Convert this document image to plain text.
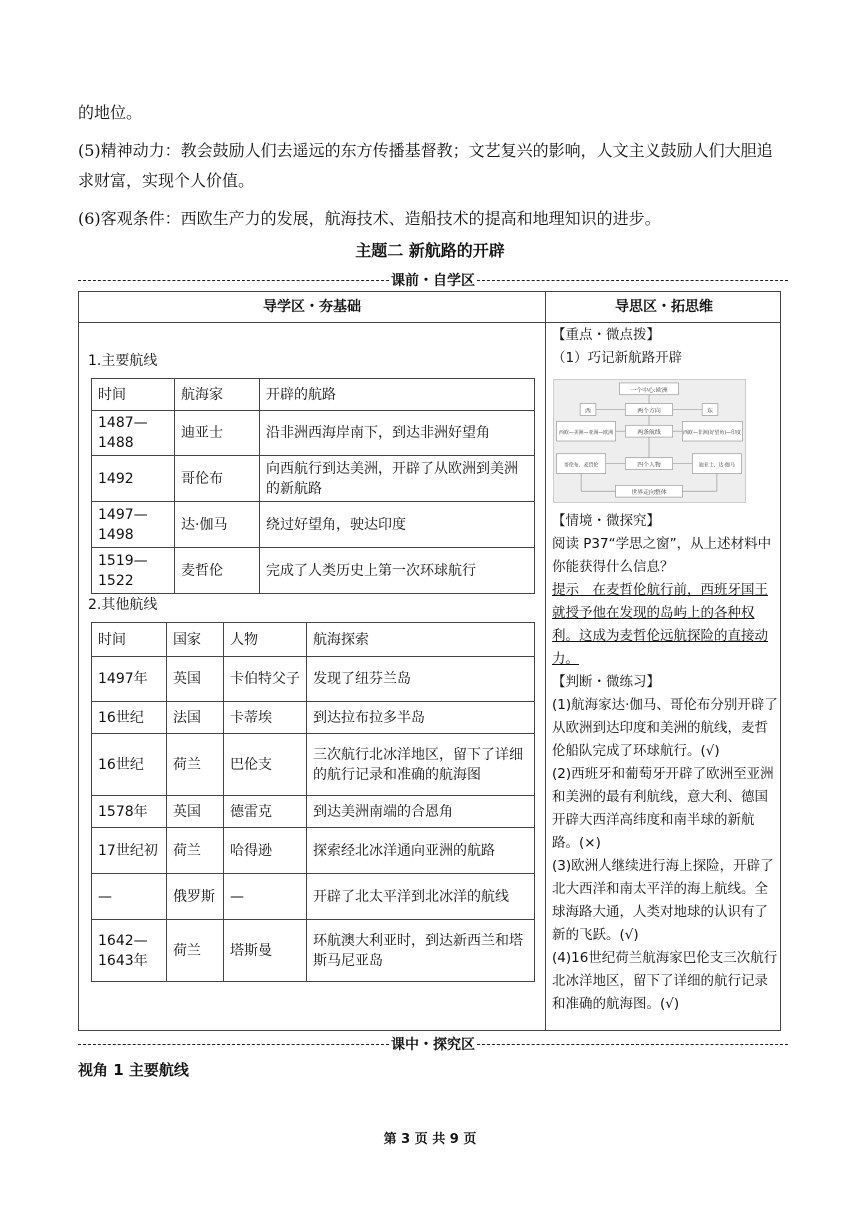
的地位。
(5)精神动力：教会鼓励人们去遥远的东方传播基督教；文艺复兴的影响，人文主义鼓励人们大胆追求财富，实现个人价值。
(6)客观条件：西欧生产力的发展，航海技术、造船技术的提高和地理知识的进步。
主题二 新航路的开辟
课前・自学区
导学区・夯基础	导思区・拓思维
1.主要航线
时间	航海家	开辟的航路
1487—1488	迪亚士	沿非洲西海岸南下，到达非洲好望角
1492	哥伦布	向西航行到达美洲，开辟了从欧洲到美洲的新航路
1497—1498	达·伽马	绕过好望角，驶达印度
1519—1522	麦哲伦	完成了人类历史上第一次环球航行
2.其他航线
时间	国家	人物	航海探索
1497年	英国	卡伯特父子	发现了纽芬兰岛
16世纪	法国	卡蒂埃	到达拉布拉多半岛
16世纪	荷兰	巴伦支	三次航行北冰洋地区，留下了详细的航行记录和准确的航海图
1578年	英国	德雷克	到达美洲南端的合恩角
17世纪初	荷兰	哈得逊	探索经北冰洋通向亚洲的航路
—	俄罗斯	—	开辟了北太平洋到北冰洋的航线
1642—1643年	荷兰	塔斯曼	环航澳大利亚时，到达新西兰和塔斯马尼亚岛

【重点・微点拨】

（1）巧记新航路开辟

一个中心:欧洲
两个方向
西	东
两条航线
西欧—美洲—亚洲—欧洲	西欧—非洲(好望角)—印度
四个人物
哥伦布、麦哲伦	迪亚士、达·伽马
世界走向整体

【情境・微探究】

阅读 P37“学思之窗”，从上述材料中你能获得什么信息？

提示　在麦哲伦航行前，西班牙国王就授予他在发现的岛屿上的各种权利。这成为麦哲伦远航探险的直接动力。

【判断・微练习】

(1)航海家达·伽马、哥伦布分别开辟了从欧洲到达印度和美洲的航线，麦哲伦船队完成了环球航行。(√)

(2)西班牙和葡萄牙开辟了欧洲至亚洲和美洲的最有利航线，意大利、德国开辟大西洋高纬度和南半球的新航路。(×)

(3)欧洲人继续进行海上探险，开辟了北大西洋和南太平洋的海上航线。全球海路大通，人类对地球的认识有了新的飞跃。(√)

(4)16世纪荷兰航海家巴伦支三次航行北冰洋地区，留下了详细的航行记录和准确的航海图。(√)

课中・探究区
视角 1 主要航线
第 3 页 共 9 页
